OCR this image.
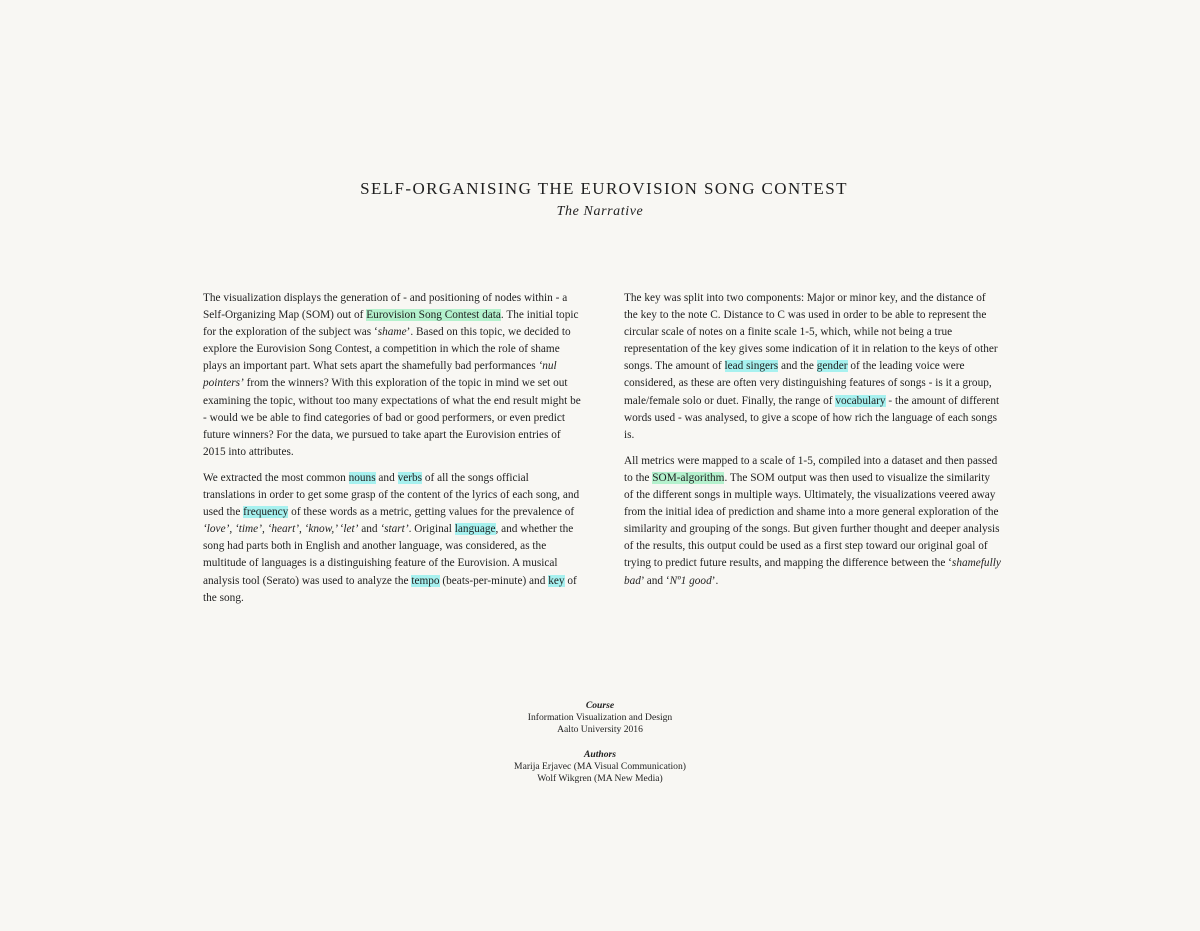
SELF-ORGANISING THE EUROVISION SONG CONTEST
The Narrative

The visualization displays the generation of - and positioning of nodes within - a Self-Organizing Map (SOM) out of Eurovision Song Contest data. The initial topic for the exploration of the subject was ‘shame’. Based on this topic, we decided to explore the Eurovision Song Contest, a competition in which the role of shame plays an important part. What sets apart the shamefully bad performances ‘nul pointers’ from the winners? With this exploration of the topic in mind we set out examining the topic, without too many expectations of what the end result might be - would we be able to find categories of bad or good performers, or even predict future winners? For the data, we pursued to take apart the Eurovision entries of 2015 into attributes.

We extracted the most common nouns and verbs of all the songs official translations in order to get some grasp of the content of the lyrics of each song, and used the frequency of these words as a metric, getting values for the prevalence of ‘love’, ‘time’, ‘heart’, ‘know,’ ‘let’ and ‘start’. Original language, and whether the song had parts both in English and another language, was considered, as the multitude of languages is a distinguishing feature of the Eurovision. A musical analysis tool (Serato) was used to analyze the tempo (beats-per-minute) and key of the song.

The key was split into two components: Major or minor key, and the distance of the key to the note C. Distance to C was used in order to be able to represent the circular scale of notes on a finite scale 1-5, which, while not being a true representation of the key gives some indication of it in relation to the keys of other songs. The amount of lead singers and the gender of the leading voice were considered, as these are often very distinguishing features of songs - is it a group, male/female solo or duet. Finally, the range of vocabulary - the amount of different words used - was analysed, to give a scope of how rich the language of each songs is.

All metrics were mapped to a scale of 1-5, compiled into a dataset and then passed to the SOM-algorithm. The SOM output was then used to visualize the similarity of the different songs in multiple ways. Ultimately, the visualizations veered away from the initial idea of prediction and shame into a more general exploration of the similarity and grouping of the songs. But given further thought and deeper analysis of the results, this output could be used as a first step toward our original goal of trying to predict future results, and mapping the difference between the ‘shamefully bad’ and ‘Nº1 good’.

Course
Information Visualization and Design
Aalto University 2016
Authors
Marija Erjavec (MA Visual Communication)
Wolf Wikgren (MA New Media)
